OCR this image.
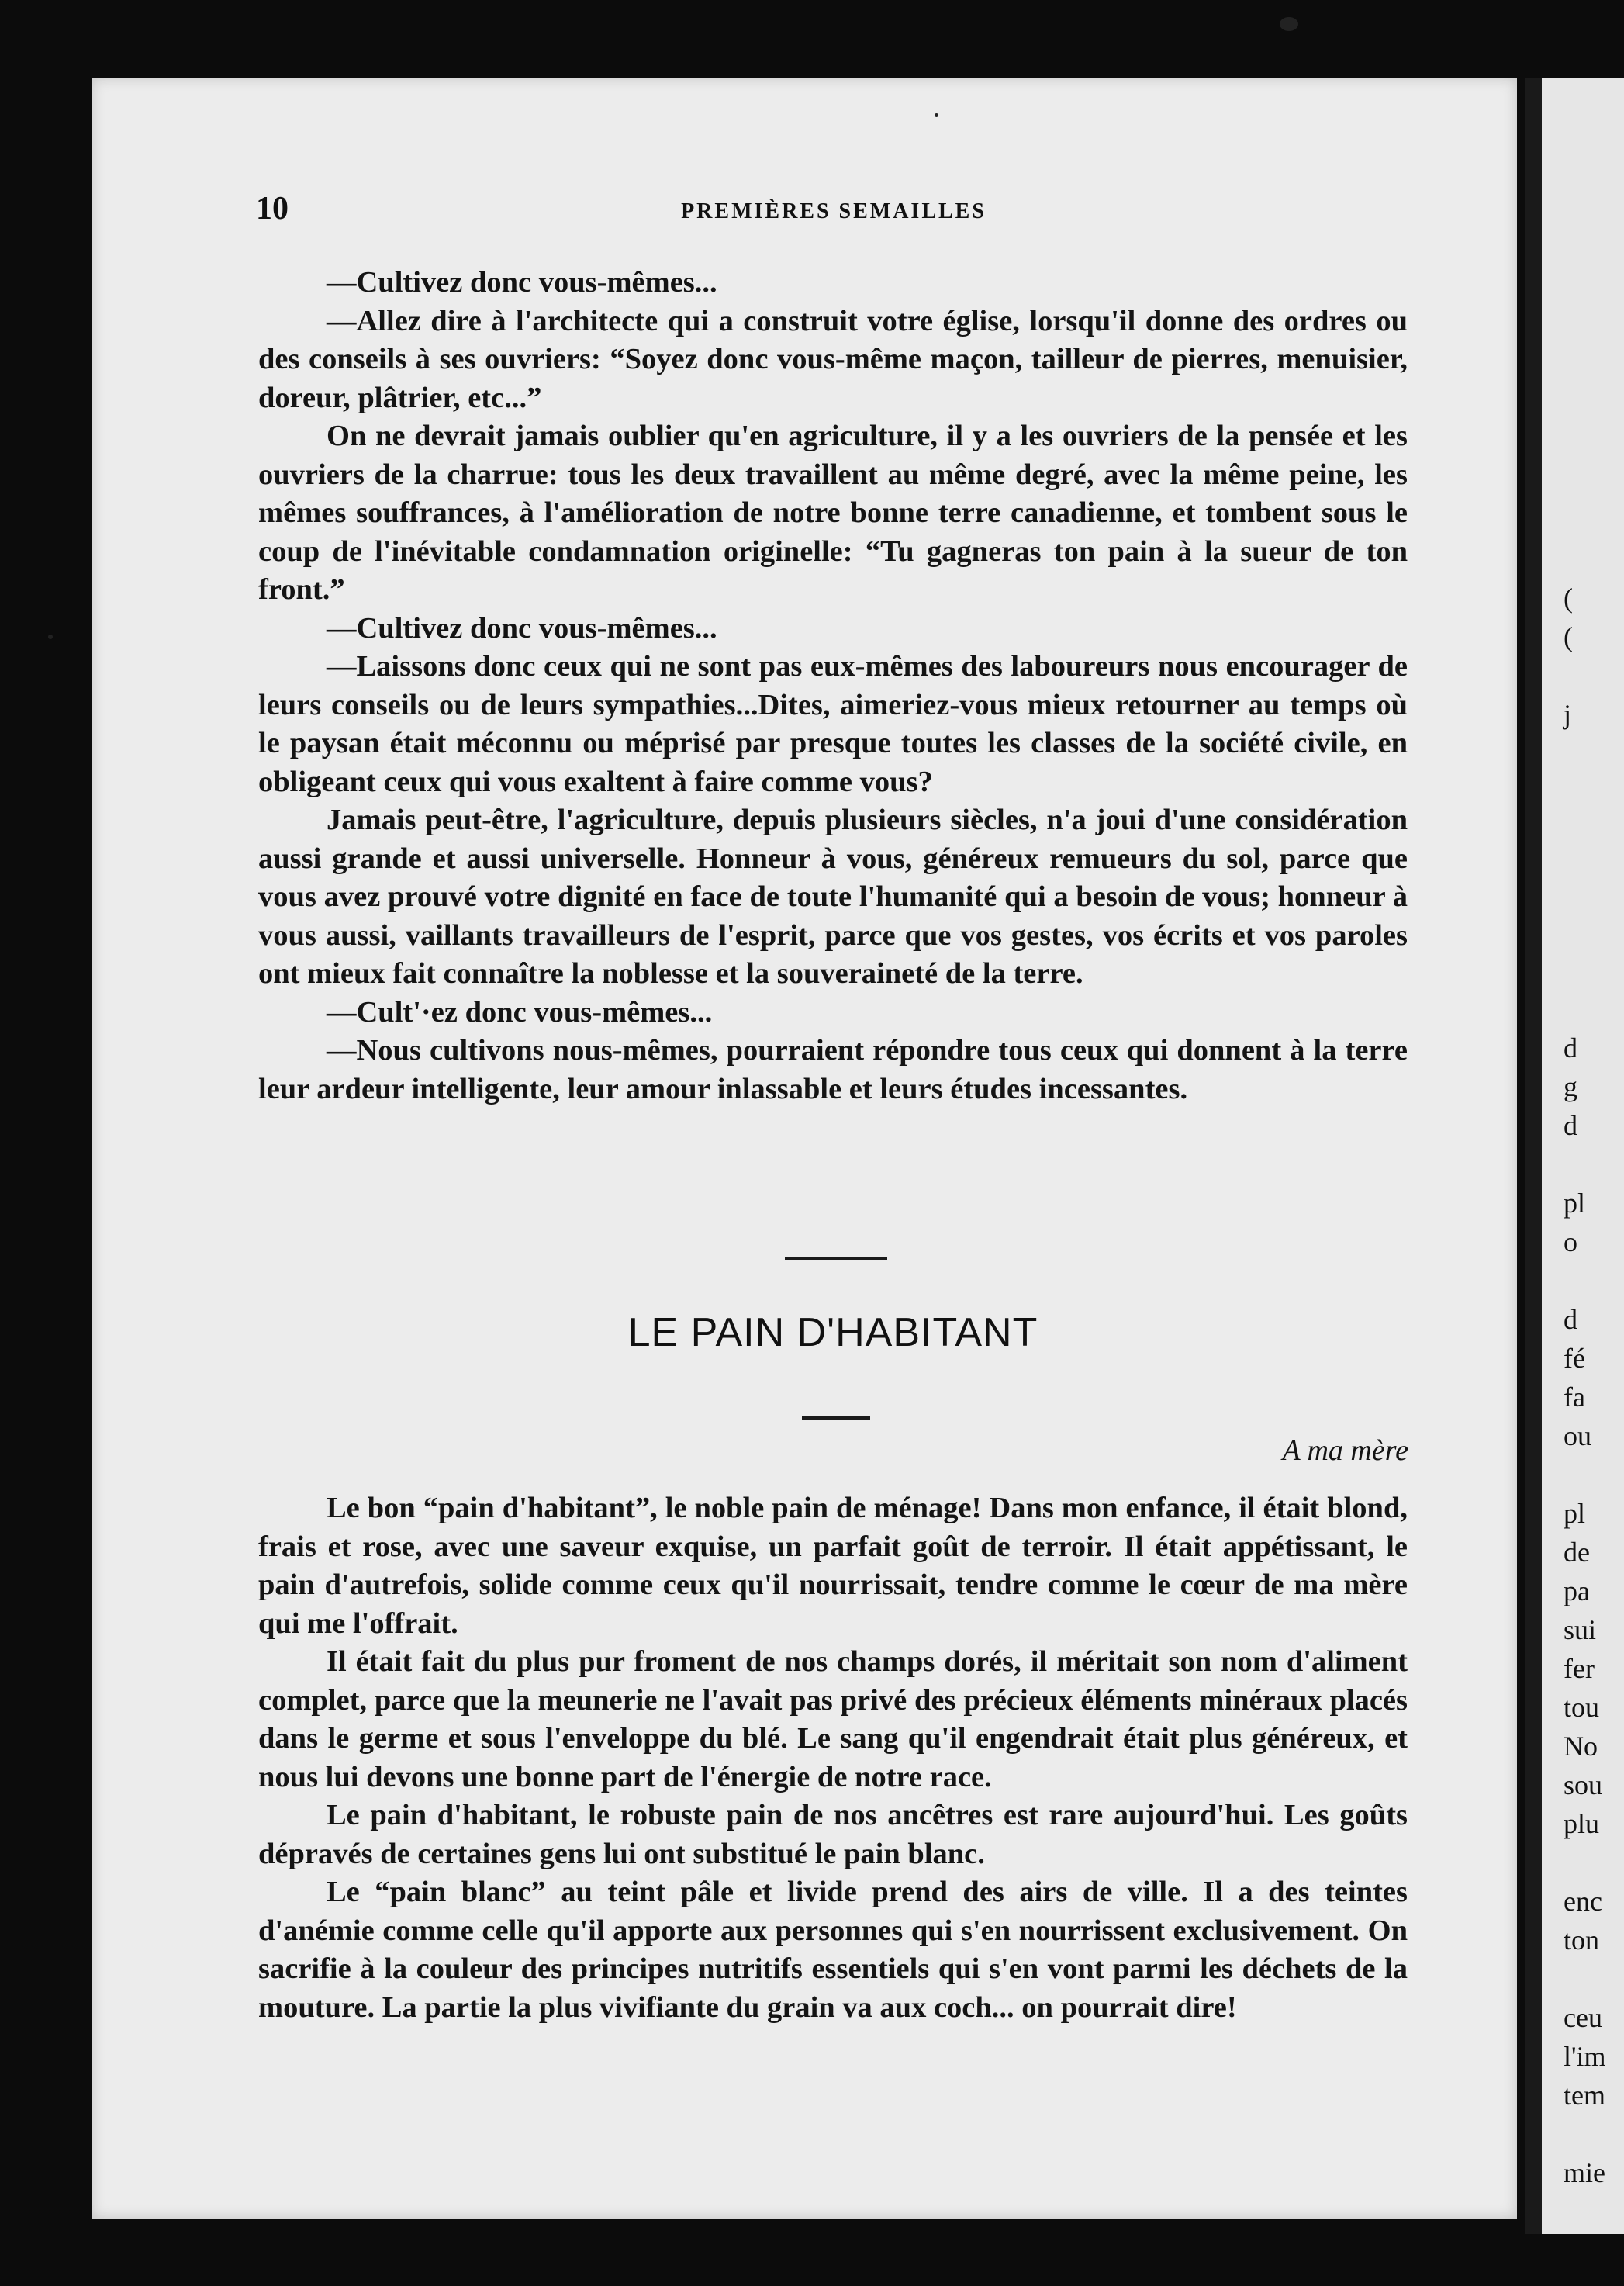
(
(
j
d
g
d
pl
o
d
fé
fa
ou
pl
de
pa
sui
fer
tou
No
sou
plu
enc
ton
ceu
l'im
tem
mie
10	PREMIÈRES SEMAILLES

—Cultivez donc vous-mêmes...

—Allez dire à l'architecte qui a construit votre église, lorsqu'il donne des ordres ou des conseils à ses ouvriers: “Soyez donc vous-même maçon, tailleur de pierres, menuisier, doreur, plâtrier, etc...”

On ne devrait jamais oublier qu'en agriculture, il y a les ouvriers de la pensée et les ouvriers de la charrue: tous les deux travaillent au même degré, avec la même peine, les mêmes souffrances, à l'amélioration de notre bonne terre canadienne, et tombent sous le coup de l'inévitable condamnation originelle: “Tu gagneras ton pain à la sueur de ton front.”

—Cultivez donc vous-mêmes...

—Laissons donc ceux qui ne sont pas eux-mêmes des laboureurs nous encourager de leurs conseils ou de leurs sympathies...Dites, aimeriez-vous mieux retourner au temps où le paysan était méconnu ou méprisé par presque toutes les classes de la société civile, en obligeant ceux qui vous exaltent à faire comme vous?

Jamais peut-être, l'agriculture, depuis plusieurs siècles, n'a joui d'une considération aussi grande et aussi universelle. Honneur à vous, généreux remueurs du sol, parce que vous avez prouvé votre dignité en face de toute l'humanité qui a besoin de vous; honneur à vous aussi, vaillants travailleurs de l'esprit, parce que vos gestes, vos écrits et vos paroles ont mieux fait connaître la noblesse et la souveraineté de la terre.

—Cult'·ez donc vous-mêmes...

—Nous cultivons nous-mêmes, pourraient répondre tous ceux qui donnent à la terre leur ardeur intelligente, leur amour inlassable et leurs études incessantes.

LE PAIN D'HABITANT
A ma mère

Le bon “pain d'habitant”, le noble pain de ménage! Dans mon enfance, il était blond, frais et rose, avec une saveur exquise, un parfait goût de terroir. Il était appétissant, le pain d'autrefois, solide comme ceux qu'il nourrissait, tendre comme le cœur de ma mère qui me l'offrait.

Il était fait du plus pur froment de nos champs dorés, il méritait son nom d'aliment complet, parce que la meunerie ne l'avait pas privé des précieux éléments minéraux placés dans le germe et sous l'enveloppe du blé. Le sang qu'il engendrait était plus généreux, et nous lui devons une bonne part de l'énergie de notre race.

Le pain d'habitant, le robuste pain de nos ancêtres est rare aujourd'hui. Les goûts dépravés de certaines gens lui ont substitué le pain blanc.

Le “pain blanc” au teint pâle et livide prend des airs de ville. Il a des teintes d'anémie comme celle qu'il apporte aux personnes qui s'en nourrissent exclusivement. On sacrifie à la couleur des principes nutritifs essentiels qui s'en vont parmi les déchets de la mouture. La partie la plus vivifiante du grain va aux coch... on pourrait dire!
